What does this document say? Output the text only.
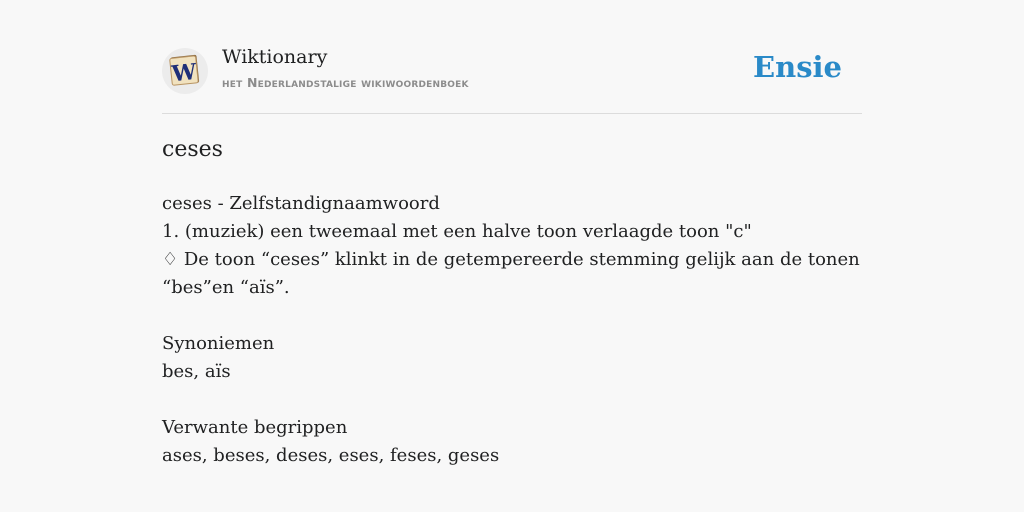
W
Wiktionary
het Nederlandstalige wikiwoordenboek	Ensie
ceses
ceses - Zelfstandignaamwoord
1. (muziek) een tweemaal met een halve toon verlaagde toon "c"
♢ De toon “ceses” klinkt in de getempereerde stemming gelijk aan de tonen “bes”en “aïs”.
Synoniemen
bes, aïs
Verwante begrippen
ases, beses, deses, eses, feses, geses
